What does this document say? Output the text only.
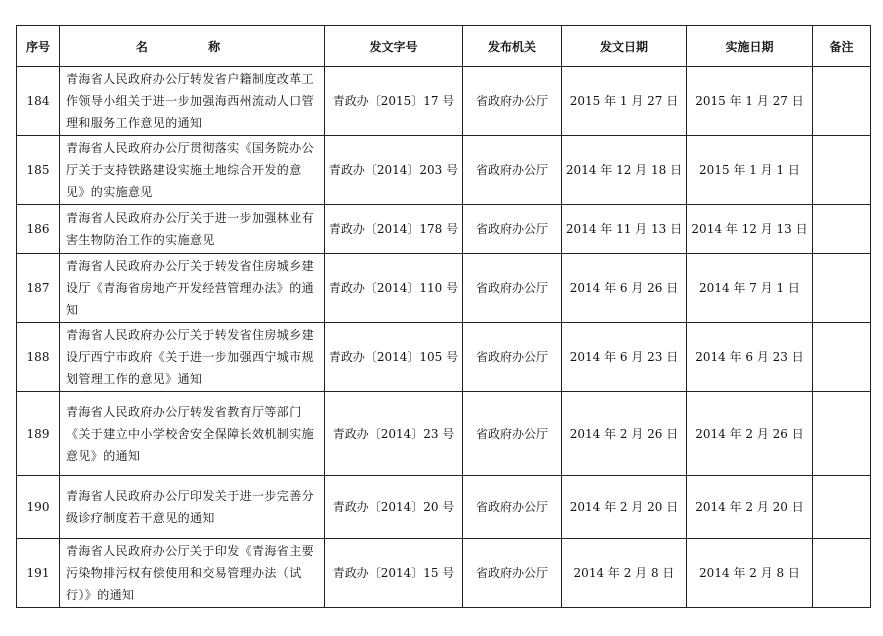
序号	名 称	发文字号	发布机关	发文日期	实施日期	备注
184	青海省人民政府办公厅转发省户籍制度改革工作领导小组关于进一步加强海西州流动人口管理和服务工作意见的通知	青政办〔2015〕17 号	省政府办公厅	2015 年 1 月 27 日	2015 年 1 月 27 日	
185	青海省人民政府办公厅贯彻落实《国务院办公厅关于支持铁路建设实施土地综合开发的意见》的实施意见	青政办〔2014〕203 号	省政府办公厅	2014 年 12 月 18 日	2015 年 1 月 1 日	
186	青海省人民政府办公厅关于进一步加强林业有害生物防治工作的实施意见	青政办〔2014〕178 号	省政府办公厅	2014 年 11 月 13 日	2014 年 12 月 13 日	
187	青海省人民政府办公厅关于转发省住房城乡建设厅《青海省房地产开发经营管理办法》的通知	青政办〔2014〕110 号	省政府办公厅	2014 年 6 月 26 日	2014 年 7 月 1 日	
188	青海省人民政府办公厅关于转发省住房城乡建设厅西宁市政府《关于进一步加强西宁城市规划管理工作的意见》通知	青政办〔2014〕105 号	省政府办公厅	2014 年 6 月 23 日	2014 年 6 月 23 日	
189	青海省人民政府办公厅转发省教育厅等部门《关于建立中小学校舍安全保障长效机制实施意见》的通知	青政办〔2014〕23 号	省政府办公厅	2014 年 2 月 26 日	2014 年 2 月 26 日	
190	青海省人民政府办公厅印发关于进一步完善分级诊疗制度若干意见的通知	青政办〔2014〕20 号	省政府办公厅	2014 年 2 月 20 日	2014 年 2 月 20 日	
191	青海省人民政府办公厅关于印发《青海省主要污染物排污权有偿使用和交易管理办法（试行）》的通知	青政办〔2014〕15 号	省政府办公厅	2014 年 2 月 8 日	2014 年 2 月 8 日	
